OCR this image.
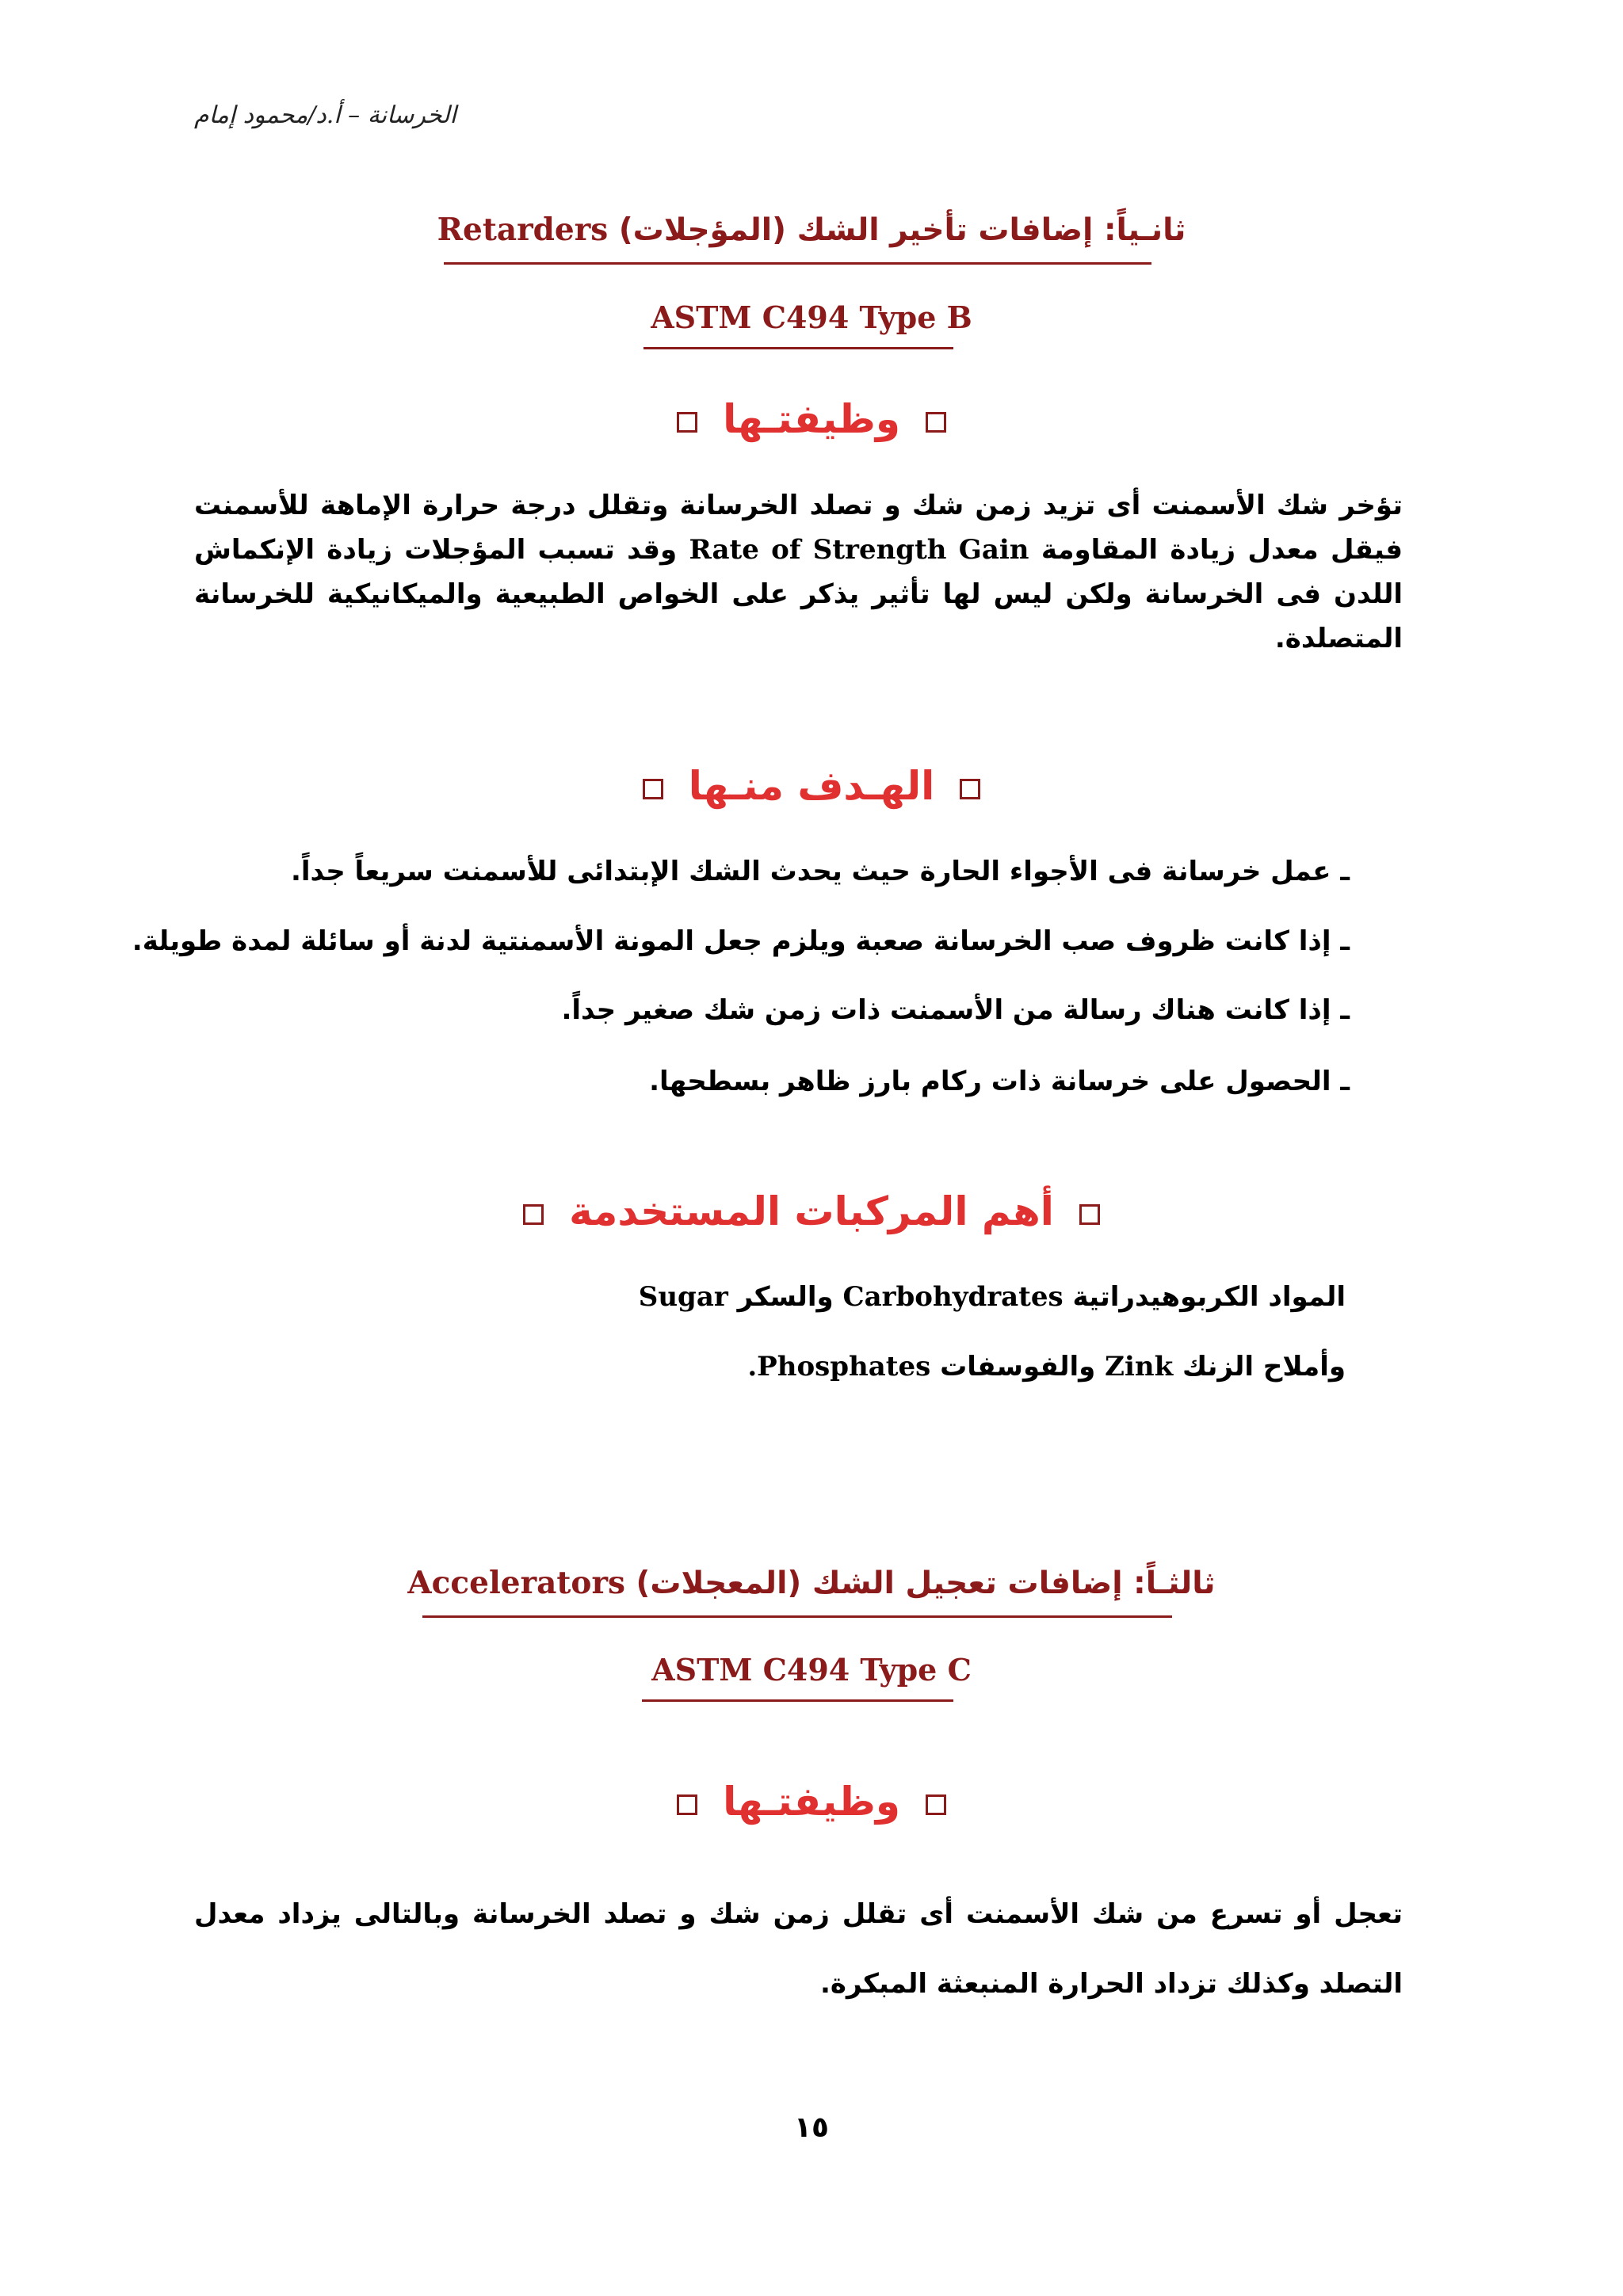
الخرسانة – أ.د/محمود إمام
ثانـياً: إضافات تأخير الشك (المؤجلات) Retarders
ASTM C494 Type B
وظيفتـها
تؤخر شك الأسمنت أى تزيد زمن شك و تصلد الخرسانة وتقلل درجة حرارة الإماهة للأسمنت فيقل معدل زيادة المقاومة Rate of Strength Gain وقد تسبب المؤجلات زيادة الإنكماش اللدن فى الخرسانة ولكن ليس لها تأثير يذكر على الخواص الطبيعية والميكانيكية للخرسانة المتصلدة.
الهـدف منـها
ـ عمل خرسانة فى الأجواء الحارة حيث يحدث الشك الإبتدائى للأسمنت سريعاً جداً.
ـ إذا كانت ظروف صب الخرسانة صعبة ويلزم جعل المونة الأسمنتية لدنة أو سائلة لمدة طويلة.
ـ إذا كانت هناك رسالة من الأسمنت ذات زمن شك صغير جداً.
ـ الحصول على خرسانة ذات ركام بارز ظاهر بسطحها.
أهم المركبات المستخدمة
المواد الكربوهيدراتية Carbohydrates والسكر Sugar
وأملاح الزنك Zink والفوسفات Phosphates.
ثالثـاً: إضافات تعجيل الشك (المعجلات) Accelerators
ASTM C494 Type C
وظيفتـها
تعجل أو تسرع من شك الأسمنت أى تقلل زمن شك و تصلد الخرسانة وبالتالى يزداد معدل التصلد وكذلك تزداد الحرارة المنبعثة المبكرة.
١٥
